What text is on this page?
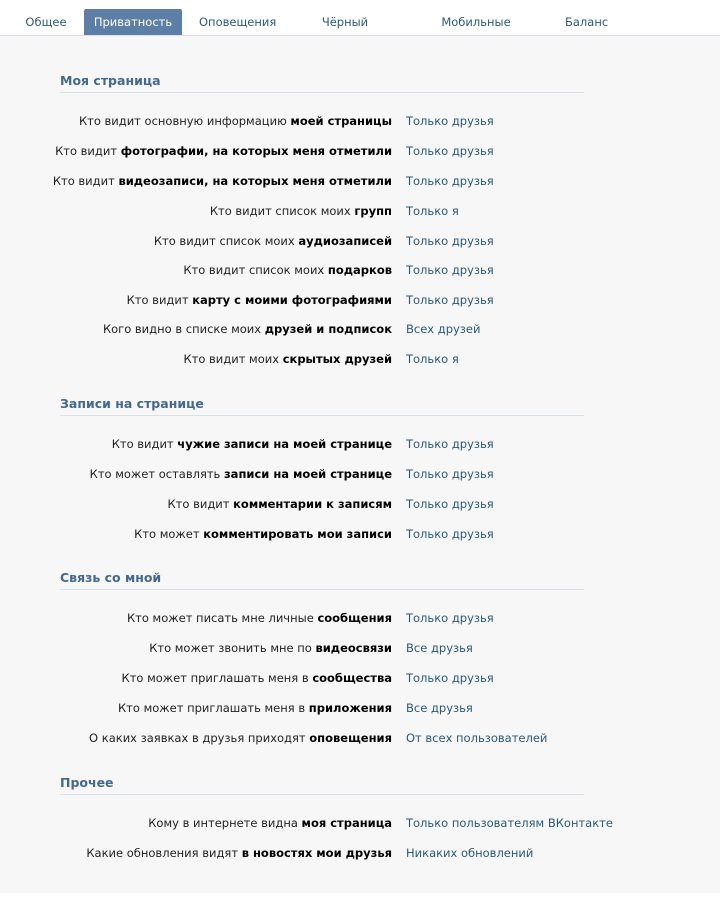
Общее	Приватность	Оповещения	Чёрный	Мобильные	Баланс
Моя страница
Кто видит основную информацию моей страницы Только друзья
Кто видит фотографии, на которых меня отметили Только друзья
Кто видит видеозаписи, на которых меня отметили Только друзья
Кто видит список моих групп Только я
Кто видит список моих аудиозаписей Только друзья
Кто видит список моих подарков Только друзья
Кто видит карту с моими фотографиями Только друзья
Кого видно в списке моих друзей и подписок Всех друзей
Кто видит моих скрытых друзей Только я
Записи на странице
Кто видит чужие записи на моей странице Только друзья
Кто может оставлять записи на моей странице Только друзья
Кто видит комментарии к записям Только друзья
Кто может комментировать мои записи Только друзья
Связь со мной
Кто может писать мне личные сообщения Только друзья
Кто может звонить мне по видеосвязи Все друзья
Кто может приглашать меня в сообщества Только друзья
Кто может приглашать меня в приложения Все друзья
О каких заявках в друзья приходят оповещения От всех пользователей
Прочее
Кому в интернете видна моя страница Только пользователям ВКонтакте
Какие обновления видят в новостях мои друзья Никаких обновлений
